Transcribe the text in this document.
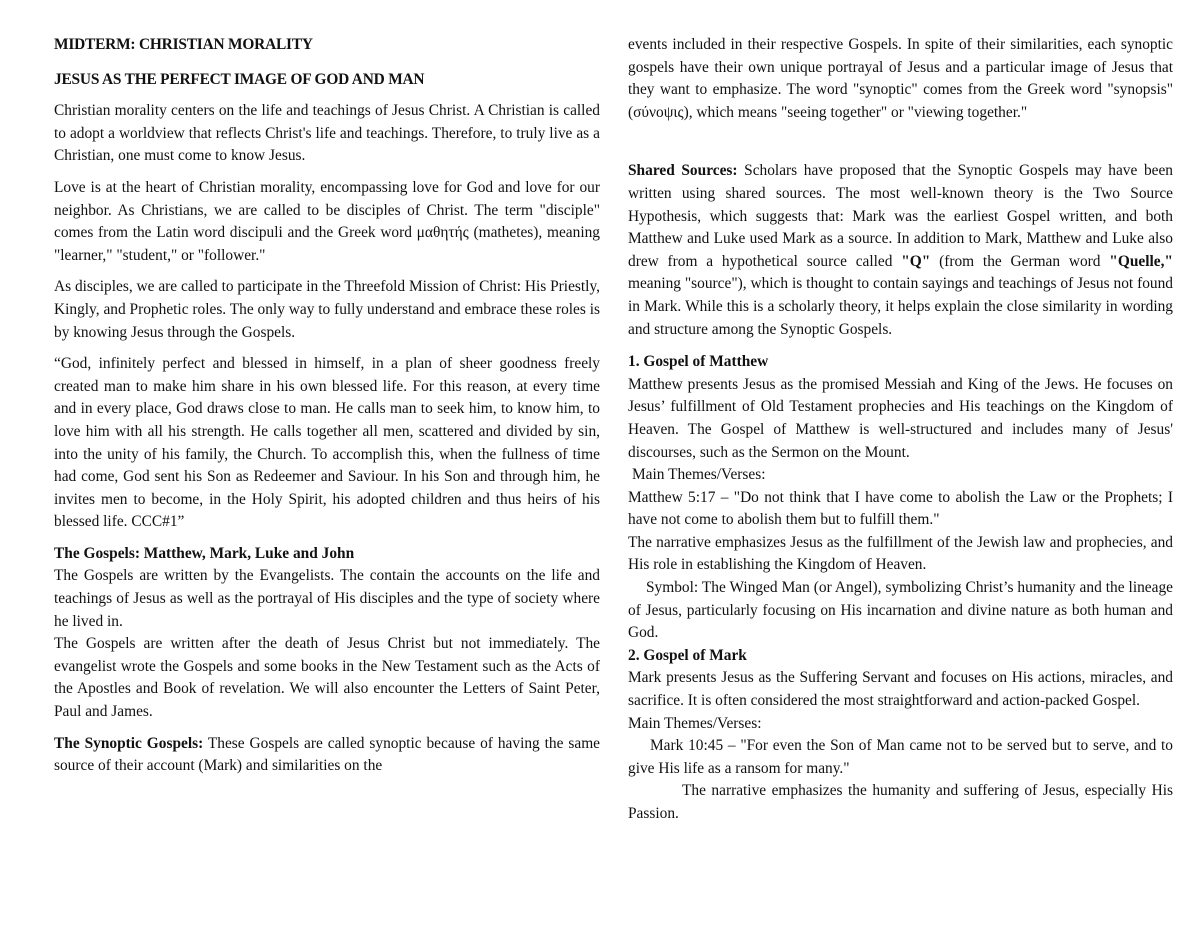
MIDTERM: CHRISTIAN MORALITY
JESUS AS THE PERFECT IMAGE OF GOD AND MAN

Christian morality centers on the life and teachings of Jesus Christ. A Christian is called to adopt a worldview that reflects Christ's life and teachings. Therefore, to truly live as a Christian, one must come to know Jesus.

Love is at the heart of Christian morality, encompassing love for God and love for our neighbor. As Christians, we are called to be disciples of Christ. The term "disciple" comes from the Latin word discipuli and the Greek word μαθητής (mathetes), meaning "learner," "student," or "follower."

As disciples, we are called to participate in the Threefold Mission of Christ: His Priestly, Kingly, and Prophetic roles. The only way to fully understand and embrace these roles is by knowing Jesus through the Gospels.

“God, infinitely perfect and blessed in himself, in a plan of sheer goodness freely created man to make him share in his own blessed life. For this reason, at every time and in every place, God draws close to man. He calls man to seek him, to know him, to love him with all his strength. He calls together all men, scattered and divided by sin, into the unity of his family, the Church. To accomplish this, when the fullness of time had come, God sent his Son as Redeemer and Saviour. In his Son and through him, he invites men to become, in the Holy Spirit, his adopted children and thus heirs of his blessed life. CCC#1”

The Gospels: Matthew, Mark, Luke and John

The Gospels are written by the Evangelists. The contain the accounts on the life and teachings of Jesus as well as the portrayal of His disciples and the type of society where he lived in.

The Gospels are written after the death of Jesus Christ but not immediately. The evangelist wrote the Gospels and some books in the New Testament such as the Acts of the Apostles and Book of revelation. We will also encounter the Letters of Saint Peter, Paul and James.

The Synoptic Gospels: These Gospels are called synoptic because of having the same source of their account (Mark) and similarities on the

events included in their respective Gospels. In spite of their similarities, each synoptic gospels have their own unique portrayal of Jesus and a particular image of Jesus that they want to emphasize. The word "synoptic" comes from the Greek word "synopsis" (σύνοψις), which means "seeing together" or "viewing together."

Shared Sources: Scholars have proposed that the Synoptic Gospels may have been written using shared sources. The most well-known theory is the Two Source Hypothesis, which suggests that: Mark was the earliest Gospel written, and both Matthew and Luke used Mark as a source. In addition to Mark, Matthew and Luke also drew from a hypothetical source called "Q" (from the German word "Quelle," meaning "source"), which is thought to contain sayings and teachings of Jesus not found in Mark. While this is a scholarly theory, it helps explain the close similarity in wording and structure among the Synoptic Gospels.

1. Gospel of Matthew

Matthew presents Jesus as the promised Messiah and King of the Jews. He focuses on Jesus’ fulfillment of Old Testament prophecies and His teachings on the Kingdom of Heaven. The Gospel of Matthew is well-structured and includes many of Jesus' discourses, such as the Sermon on the Mount.

Main Themes/Verses:

Matthew 5:17 – "Do not think that I have come to abolish the Law or the Prophets; I have not come to abolish them but to fulfill them."

The narrative emphasizes Jesus as the fulfillment of the Jewish law and prophecies, and His role in establishing the Kingdom of Heaven.

Symbol: The Winged Man (or Angel), symbolizing Christ’s humanity and the lineage of Jesus, particularly focusing on His incarnation and divine nature as both human and God.

2. Gospel of Mark

Mark presents Jesus as the Suffering Servant and focuses on His actions, miracles, and sacrifice. It is often considered the most straightforward and action-packed Gospel.

Main Themes/Verses:

Mark 10:45 – "For even the Son of Man came not to be served but to serve, and to give His life as a ransom for many."

The narrative emphasizes the humanity and suffering of Jesus, especially His Passion.
